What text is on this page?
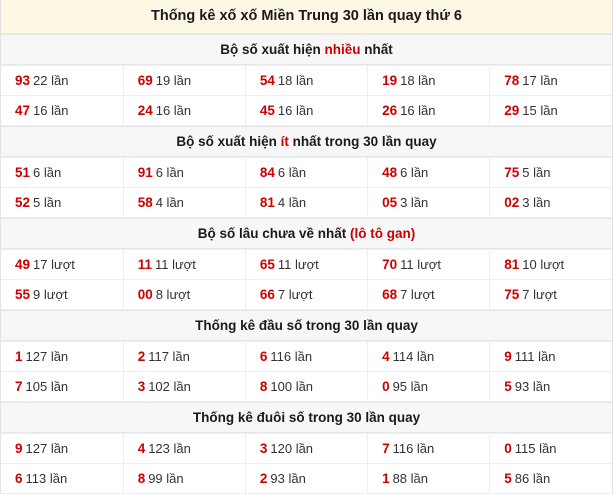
Thống kê xố xố Miền Trung 30 lần quay thứ 6
Bộ số xuất hiện nhiều nhất
93 22 lần	69 19 lần	54 18 lần	19 18 lần	78 17 lần
47 16 lần	24 16 lần	45 16 lần	26 16 lần	29 15 lần
Bộ số xuất hiện ít nhất trong 30 lần quay
51 6 lần	91 6 lần	84 6 lần	48 6 lần	75 5 lần
52 5 lần	58 4 lần	81 4 lần	05 3 lần	02 3 lần
Bộ số lâu chưa về nhất (lô tô gan)
49 17 lượt	11 11 lượt	65 11 lượt	70 11 lượt	81 10 lượt
55 9 lượt	00 8 lượt	66 7 lượt	68 7 lượt	75 7 lượt
Thống kê đầu số trong 30 lần quay
1 127 lần	2 117 lần	6 116 lần	4 114 lần	9 111 lần
7 105 lần	3 102 lần	8 100 lần	0 95 lần	5 93 lần
Thống kê đuôi số trong 30 lần quay
9 127 lần	4 123 lần	3 120 lần	7 116 lần	0 115 lần
6 113 lần	8 99 lần	2 93 lần	1 88 lần	5 86 lần
